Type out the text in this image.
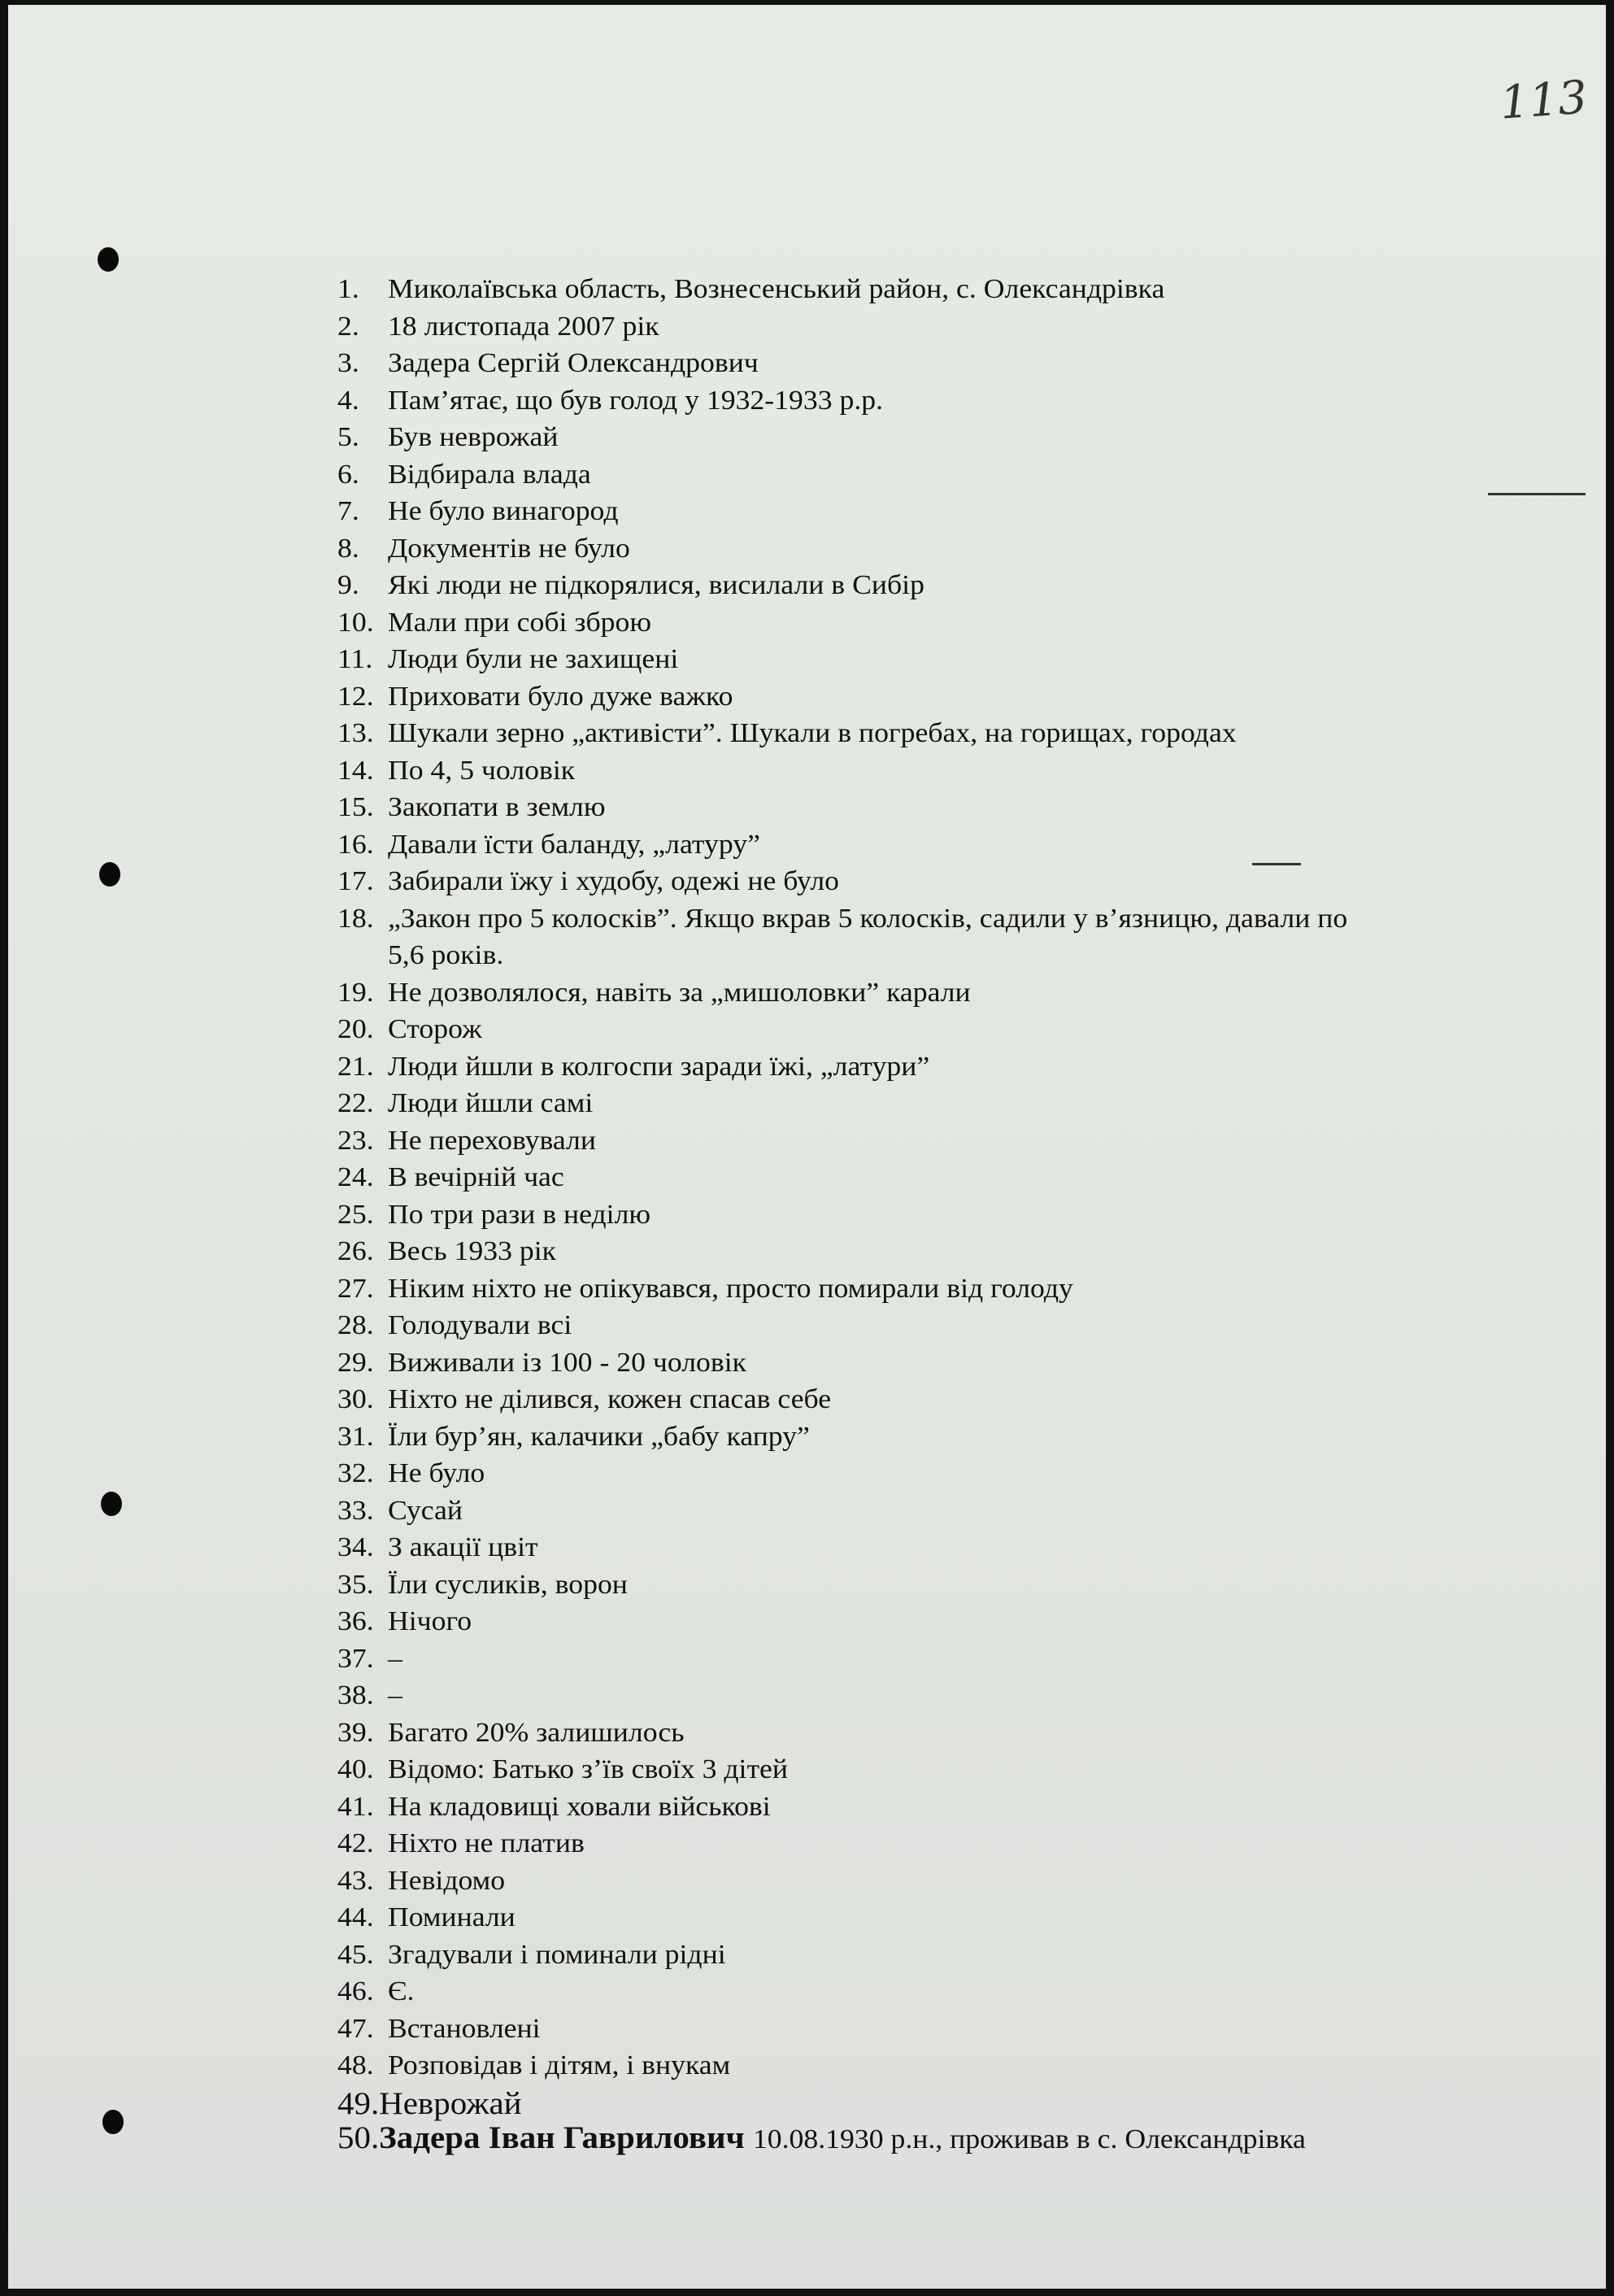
113
1. Миколаївська область, Вознесенський район, с. Олександрівка
2. 18 листопада 2007 рік
3. Задера Сергій Олександрович
4. Пам’ятає, що був голод у 1932-1933 р.р.
5. Був неврожай
6. Відбирала влада
7. Не було винагород
8. Документів не було
9. Які люди не підкорялися, висилали в Сибір
10. Мали при собі зброю
11. Люди були не захищені
12. Приховати було дуже важко
13. Шукали зерно „активісти”. Шукали в погребах, на горищах, городах
14. По 4, 5 чоловік
15. Закопати в землю
16. Давали їсти баланду, „латуру”
17. Забирали їжу і худобу, одежі не було
18. „Закон про 5 колосків”. Якщо вкрав 5 колосків, садили у в’язницю, давали по
5,6 років.
19. Не дозволялося, навіть за „мишоловки” карали
20. Сторож
21. Люди йшли в колгоспи заради їжі, „латури”
22. Люди йшли самі
23. Не переховували
24. В вечірній час
25. По три рази в неділю
26. Весь 1933 рік
27. Ніким ніхто не опікувався, просто помирали від голоду
28. Голодували всі
29. Виживали із 100 - 20 чоловік
30. Ніхто не ділився, кожен спасав себе
31. Їли бур’ян, калачики „бабу капру”
32. Не було
33. Сусай
34. З акації цвіт
35. Їли сусликів, ворон
36. Нічого
37. –
38. –
39. Багато 20% залишилось
40. Відомо: Батько з’їв своїх 3 дітей
41. На кладовищі ховали військові
42. Ніхто не платив
43. Невідомо
44. Поминали
45. Згадували і поминали рідні
46. Є.
47. Встановлені
48. Розповідав і дітям, і внукам
49.Неврожай
50.Задера Іван Гаврилович 10.08.1930 р.н., проживав в с. Олександрівка
